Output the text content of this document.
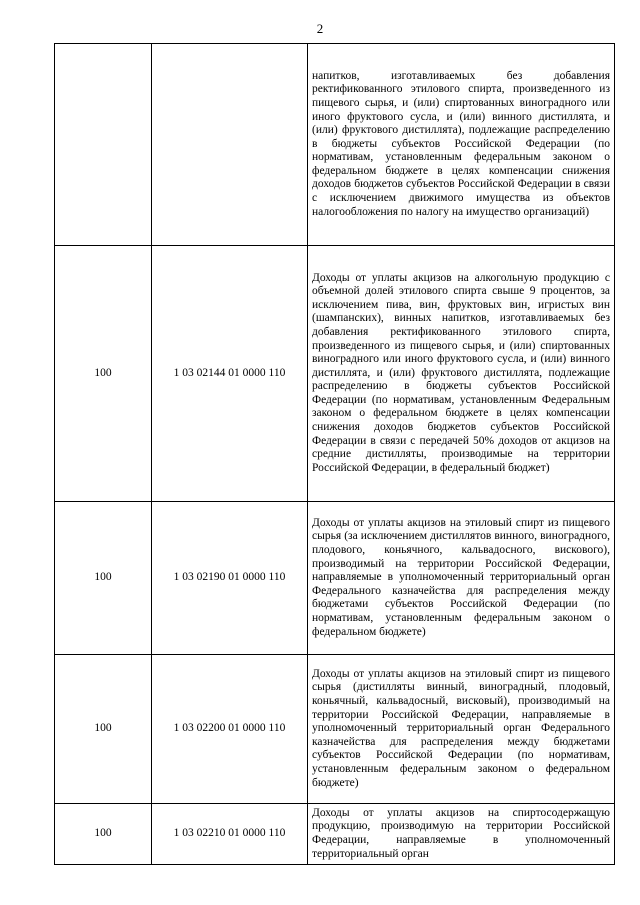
2
		напитков, изготавливаемых без добавления ректификованного этилового спирта, произведенного из пищевого сырья, и (или) спиртованных виноградного или иного фруктового сусла, и (или) винного дистиллята, и (или) фруктового дистиллята), подлежащие распределению в бюджеты субъектов Российской Федерации (по нормативам, установленным федеральным законом о федеральном бюджете в целях компенсации снижения доходов бюджетов субъектов Российской Федерации в связи с исключением движимого имущества из объектов налогообложения по налогу на имущество организаций)
100	1 03 02144 01 0000 110	Доходы от уплаты акцизов на алкогольную продукцию с объемной долей этилового спирта свыше 9 процентов, за исключением пива, вин, фруктовых вин, игристых вин (шампанских), винных напитков, изготавливаемых без добавления ректификованного этилового спирта, произведенного из пищевого сырья, и (или) спиртованных виноградного или иного фруктового сусла, и (или) винного дистиллята, и (или) фруктового дистиллята, подлежащие распределению в бюджеты субъектов Российской Федерации (по нормативам, установленным Федеральным законом о федеральном бюджете в целях компенсации снижения доходов бюджетов субъектов Российской Федерации в связи с передачей 50% доходов от акцизов на средние дистилляты, производимые на территории Российской Федерации, в федеральный бюджет)
100	1 03 02190 01 0000 110	Доходы от уплаты акцизов на этиловый спирт из пищевого сырья (за исключением дистиллятов винного, виноградного, плодового, коньячного, кальвадосного, вискового), производимый на территории Российской Федерации, направляемые в уполномоченный территориальный орган Федерального казначейства для распределения между бюджетами субъектов Российской Федерации (по нормативам, установленным федеральным законом о федеральном бюджете)
100	1 03 02200 01 0000 110	Доходы от уплаты акцизов на этиловый спирт из пищевого сырья (дистилляты винный, виноградный, плодовый, коньячный, кальвадосный, висковый), производимый на территории Российской Федерации, направляемые в уполномоченный территориальный орган Федерального казначейства для распределения между бюджетами субъектов Российской Федерации (по нормативам, установленным федеральным законом о федеральном бюджете)
100	1 03 02210 01 0000 110	Доходы от уплаты акцизов на спиртосодержащую продукцию, производимую на территории Российской Федерации, направляемые в уполномоченный территориальный орган
